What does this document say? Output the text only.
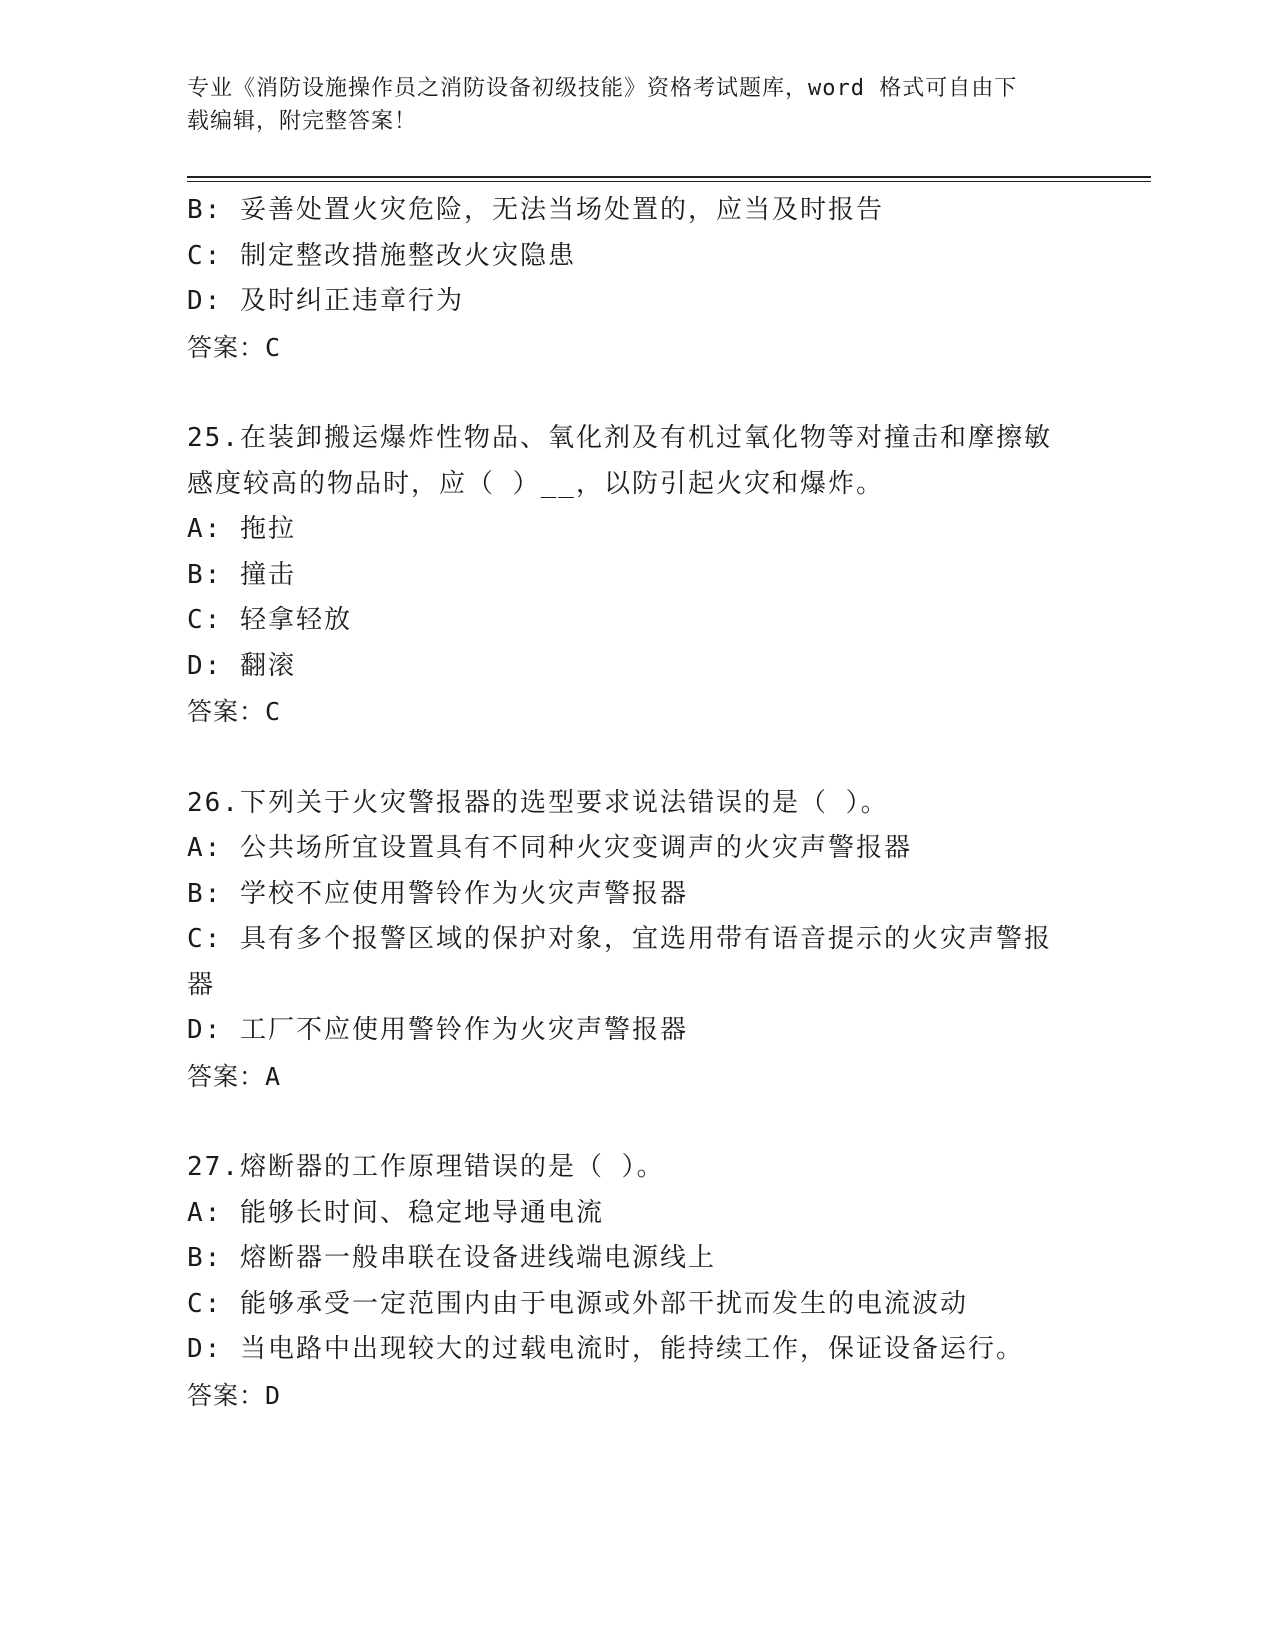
专业《消防设施操作员之消防设备初级技能》资格考试题库，word 格式可自由下
载编辑，附完整答案！

B: 妥善处置火灾危险，无法当场处置的，应当及时报告

C: 制定整改措施整改火灾隐患

D: 及时纠正违章行为

答案：C

25.在装卸搬运爆炸性物品、氧化剂及有机过氧化物等对撞击和摩擦敏

感度较高的物品时，应（ ）__，以防引起火灾和爆炸。

A: 拖拉

B: 撞击

C: 轻拿轻放

D: 翻滚

答案：C

26.下列关于火灾警报器的选型要求说法错误的是（ ）。

A: 公共场所宜设置具有不同种火灾变调声的火灾声警报器

B: 学校不应使用警铃作为火灾声警报器

C: 具有多个报警区域的保护对象，宜选用带有语音提示的火灾声警报

器

D: 工厂不应使用警铃作为火灾声警报器

答案：A

27.熔断器的工作原理错误的是（ ）。

A: 能够长时间、稳定地导通电流

B: 熔断器一般串联在设备进线端电源线上

C: 能够承受一定范围内由于电源或外部干扰而发生的电流波动

D: 当电路中出现较大的过载电流时，能持续工作，保证设备运行。

答案：D
